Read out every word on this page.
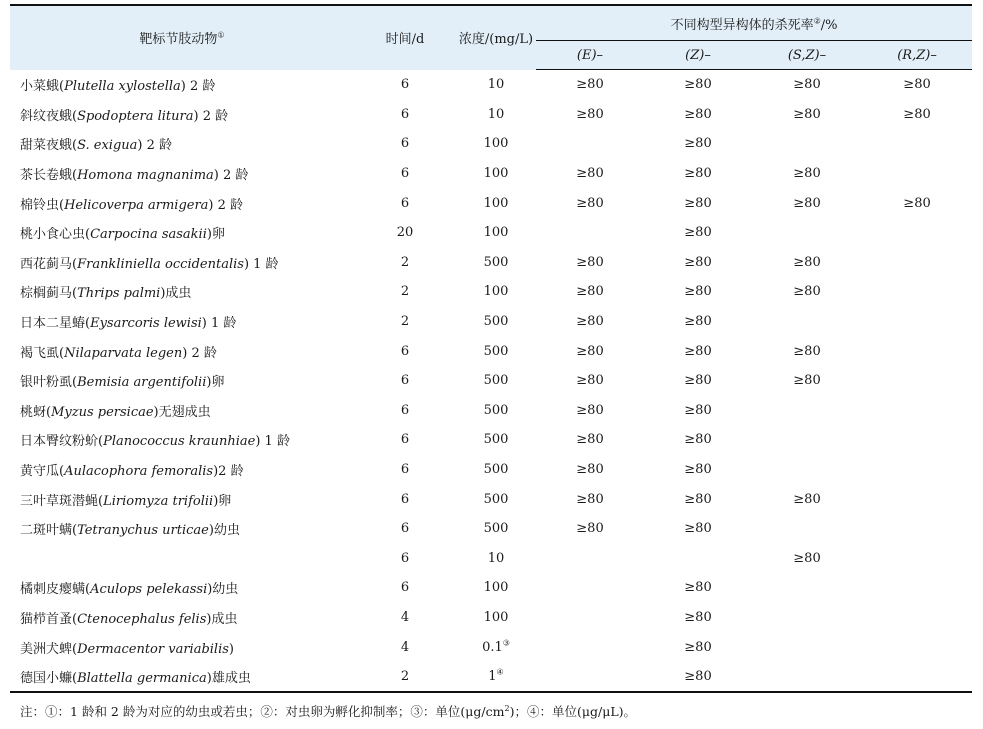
靶标节肢动物①	时间/d	浓度/(mg/L)	不同构型异构体的杀死率②/%			
			(E)–	(Z)–	(S,Z)–	(R,Z)–
小菜蛾(Plutella xylostella) 2 龄	6	10	≥80	≥80	≥80	≥80
斜纹夜蛾(Spodoptera litura) 2 龄	6	10	≥80	≥80	≥80	≥80
甜菜夜蛾(S. exigua) 2 龄	6	100		≥80		
茶长卷蛾(Homona magnanima) 2 龄	6	100	≥80	≥80	≥80	
棉铃虫(Helicoverpa armigera) 2 龄	6	100	≥80	≥80	≥80	≥80
桃小食心虫(Carpocina sasakii)卵	20	100		≥80		
西花蓟马(Frankliniella occidentalis) 1 龄	2	500	≥80	≥80	≥80	
棕榈蓟马(Thrips palmi)成虫	2	100	≥80	≥80	≥80	
日本二星蝽(Eysarcoris lewisi) 1 龄	2	500	≥80	≥80		
褐飞虱(Nilaparvata legen) 2 龄	6	500	≥80	≥80	≥80	
银叶粉虱(Bemisia argentifolii)卵	6	500	≥80	≥80	≥80	
桃蚜(Myzus persicae)无翅成虫	6	500	≥80	≥80		
日本臀纹粉蚧(Planococcus kraunhiae) 1 龄	6	500	≥80	≥80		
黄守瓜(Aulacophora femoralis)2 龄	6	500	≥80	≥80		
三叶草斑潜蝇(Liriomyza trifolii)卵	6	500	≥80	≥80	≥80	
二斑叶螨(Tetranychus urticae)幼虫	6	500	≥80	≥80		
	6	10			≥80	
橘刺皮瘿螨(Aculops pelekassi)幼虫	6	100		≥80		
猫栉首蚤(Ctenocephalus felis)成虫	4	100		≥80		
美洲犬蜱(Dermacentor variabilis)	4	0.1③		≥80		
德国小蠊(Blattella germanica)雄成虫	2	1④		≥80		
注：①：1 龄和 2 龄为对应的幼虫或若虫；②：对虫卵为孵化抑制率；③：单位$(\mu g/cm^2)$；④：单位(μg/μL)。
